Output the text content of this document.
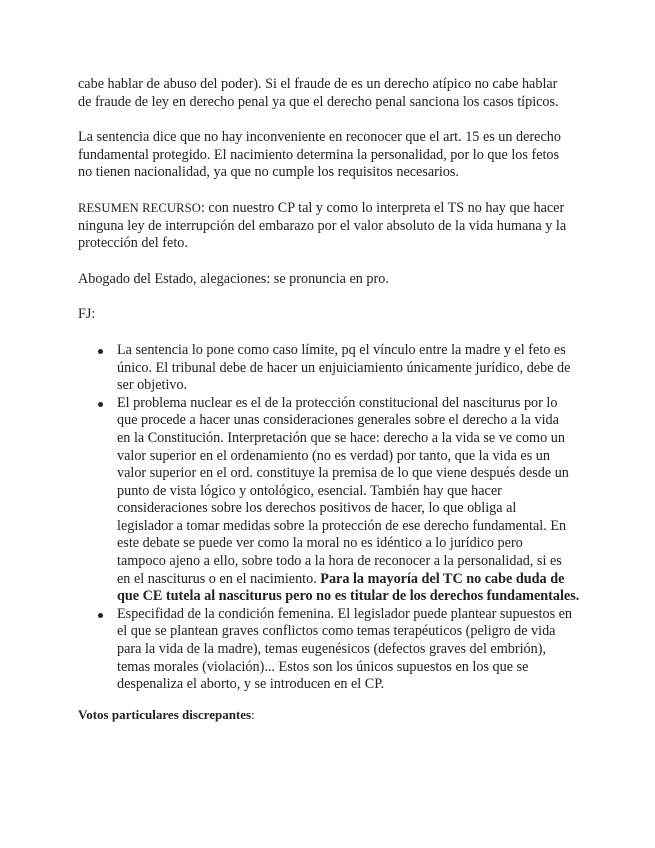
cabe hablar de abuso del poder). Si el fraude de es un derecho atípico no cabe hablar
de fraude de ley en derecho penal ya que el derecho penal sanciona los casos típicos.

La sentencia dice que no hay inconveniente en reconocer que el art. 15 es un derecho
fundamental protegido. El nacimiento determina la personalidad, por lo que los fetos
no tienen nacionalidad, ya que no cumple los requisitos necesarios.

RESUMEN RECURSO: con nuestro CP tal y como lo interpreta el TS no hay que hacer
ninguna ley de interrupción del embarazo por el valor absoluto de la vida humana y la
protección del feto.

Abogado del Estado, alegaciones: se pronuncia en pro.

FJ:

La sentencia lo pone como caso límite, pq el vínculo entre la madre y el feto es
único. El tribunal debe de hacer un enjuiciamiento únicamente jurídico, debe de
ser objetivo.
El problema nuclear es el de la protección constitucional del nasciturus por lo
que procede a hacer unas consideraciones generales sobre el derecho a la vida
en la Constitución. Interpretación que se hace: derecho a la vida se ve como un
valor superior en el ordenamiento (no es verdad) por tanto, que la vida es un
valor superior en el ord. constituye la premisa de lo que viene después desde un
punto de vista lógico y ontológico, esencial. También hay que hacer
consideraciones sobre los derechos positivos de hacer, lo que obliga al
legislador a tomar medidas sobre la protección de ese derecho fundamental. En
este debate se puede ver como la moral no es idéntico a lo jurídico pero
tampoco ajeno a ello, sobre todo a la hora de reconocer a la personalidad, si es
en el nasciturus o en el nacimiento. Para la mayoría del TC no cabe duda de
que CE tutela al nasciturus pero no es titular de los derechos fundamentales.
Especifidad de la condición femenina. El legislador puede plantear supuestos en
el que se plantean graves conflictos como temas terapéuticos (peligro de vida
para la vida de la madre), temas eugenésicos (defectos graves del embrión),
temas morales (violación)... Estos son los únicos supuestos en los que se
despenaliza el aborto, y se introducen en el CP.

Votos particulares discrepantes:
